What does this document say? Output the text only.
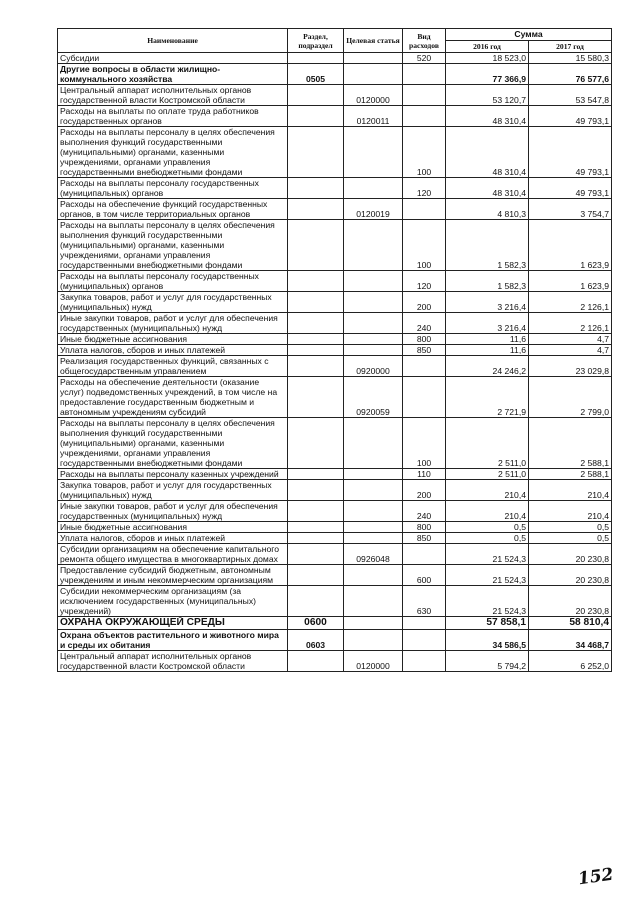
Наименование	Раздел, подраздел	Целевая статья	Вид расходов	Сумма	
				2016 год	2017 год
Субсидии			520	18 523,0	15 580,3
Другие вопросы в области жилищно-коммунального хозяйства	0505			77 366,9	76 577,6
Центральный аппарат исполнительных органов государственной власти Костромской области		0120000		53 120,7	53 547,8
Расходы на выплаты по оплате труда работников государственных органов		0120011		48 310,4	49 793,1
Расходы на выплаты персоналу в целях обеспечения выполнения функций государственными (муниципальными) органами, казенными учреждениями, органами управления государственными внебюджетными фондами			100	48 310,4	49 793,1
Расходы на выплаты персоналу государственных (муниципальных) органов			120	48 310,4	49 793,1
Расходы на обеспечение функций государственных органов, в том числе территориальных органов		0120019		4 810,3	3 754,7
Расходы на выплаты персоналу в целях обеспечения выполнения функций государственными (муниципальными) органами, казенными учреждениями, органами управления государственными внебюджетными фондами			100	1 582,3	1 623,9
Расходы на выплаты персоналу государственных (муниципальных) органов			120	1 582,3	1 623,9
Закупка товаров, работ и услуг для государственных (муниципальных) нужд			200	3 216,4	2 126,1
Иные закупки товаров, работ и услуг для обеспечения государственных (муниципальных) нужд			240	3 216,4	2 126,1
Иные бюджетные ассигнования			800	11,6	4,7
Уплата налогов, сборов и иных платежей			850	11,6	4,7
Реализация государственных функций, связанных с общегосударственным управлением		0920000		24 246,2	23 029,8
Расходы на обеспечение деятельности (оказание услуг) подведомственных учреждений, в том числе на предоставление государственным бюджетным и автономным учреждениям субсидий		0920059		2 721,9	2 799,0
Расходы на выплаты персоналу в целях обеспечения выполнения функций государственными (муниципальными) органами, казенными учреждениями, органами управления государственными внебюджетными фондами			100	2 511,0	2 588,1
Расходы на выплаты персоналу казенных учреждений			110	2 511,0	2 588,1
Закупка товаров, работ и услуг для государственных (муниципальных) нужд			200	210,4	210,4
Иные закупки товаров, работ и услуг для обеспечения государственных (муниципальных) нужд			240	210,4	210,4
Иные бюджетные ассигнования			800	0,5	0,5
Уплата налогов, сборов и иных платежей			850	0,5	0,5
Субсидии организациям на обеспечение капитального ремонта общего имущества в многоквартирных домах		0926048		21 524,3	20 230,8
Предоставление субсидий бюджетным, автономным учреждениям и иным некоммерческим организациям			600	21 524,3	20 230,8
Субсидии некоммерческим организациям (за исключением государственных (муниципальных) учреждений)			630	21 524,3	20 230,8
ОХРАНА ОКРУЖАЮЩЕЙ СРЕДЫ	0600			57 858,1	58 810,4
Охрана объектов растительного и животного мира и среды их обитания	0603			34 586,5	34 468,7
Центральный аппарат исполнительных органов государственной власти Костромской области		0120000		5 794,2	6 252,0
152
